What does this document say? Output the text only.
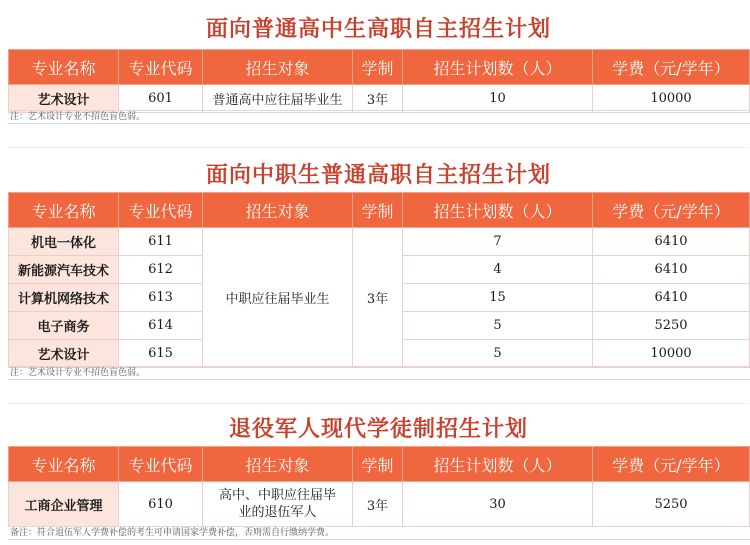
面向普通高中生高职自主招生计划
专业名称	专业代码	招生对象	学制	招生计划数（人）	学费（元/学年）
艺术设计	601	普通高中应往届毕业生	3年	10	10000
注：艺术设计专业不招色盲色弱。
面向中职生普通高职自主招生计划
专业名称	专业代码	招生对象	学制	招生计划数（人）	学费（元/学年）
机电一体化	611	中职应往届毕业生	3年	7	6410
新能源汽车技术	612			4	6410
计算机网络技术	613			15	6410
电子商务	614			5	5250
艺术设计	615			5	10000
注：艺术设计专业不招色盲色弱。
退役军人现代学徒制招生计划
专业名称	专业代码	招生对象	学制	招生计划数（人）	学费（元/学年）
工商企业管理	610	高中、中职应往届毕业的退伍军人	3年	30	5250
备注：符合退伍军人学费补偿的考生可申请国家学费补偿，否则需自行缴纳学费。
